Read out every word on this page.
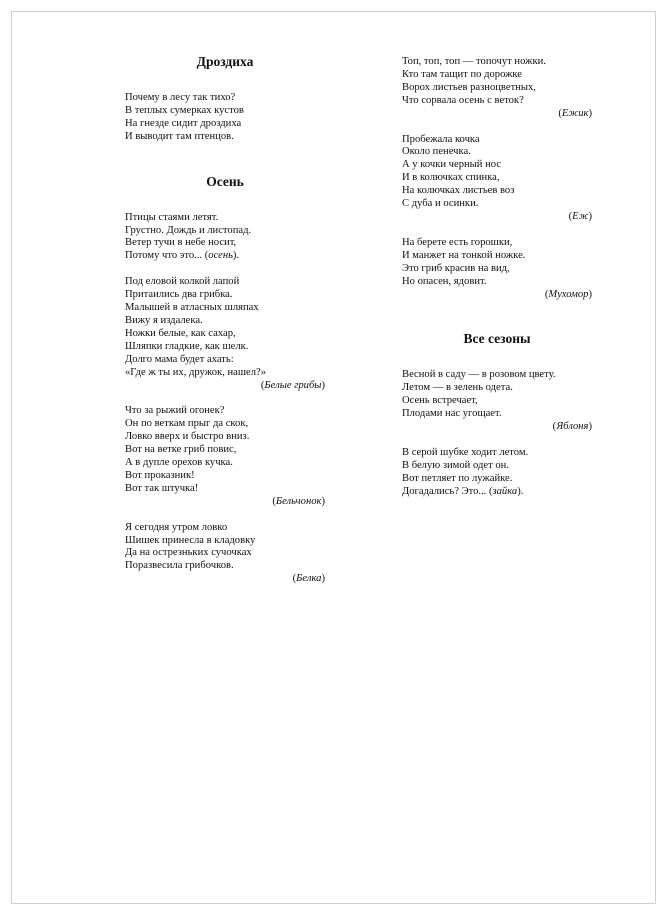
Дроздиха
Почему в лесу так тихо?
В теплых сумерках кустов
На гнезде сидит дроздиха
И выводит там птенцов.
Осень
Птицы стаями летят.
Грустно. Дождь и листопад.
Ветер тучи в небе носит,
Потому что это... (осень).
Под еловой колкой лапой
Притаились два грибка.
Малышей в атласных шляпах
Вижу я издалека.
Ножки белые, как сахар,
Шляпки гладкие, как шелк.
Долго мама будет ахать:
«Где ж ты их, дружок, нашел?»
(Белые грибы)
Что за рыжий огонек?
Он по веткам прыг да скок,
Ловко вверх и быстро вниз.
Вот на ветке гриб повис,
А в дупле орехов кучка.
Вот проказник!
Вот так штучка!
(Бельчонок)
Я сегодня утром ловко
Шишек принесла в кладовку
Да на острезньких сучочках
Поразвесила грибочков.
(Белка)
Топ, топ, топ — топочут ножки.
Кто там тащит по дорожке
Ворох листьев разноцветных,
Что сорвала осень с веток?
(Ежик)
Пробежала кочка
Около пенечка.
А у кочки черный нос
И в колючках спинка,
На колючках листьев воз
С дуба и осинки.
(Еж)
На берете есть горошки,
И манжет на тонкой ножке.
Это гриб красив на вид,
Но опасен, ядовит.
(Мухомор)
Все сезоны
Весной в саду — в розовом цвету.
Летом — в зелень одета.
Осень встречает,
Плодами нас угощает.
(Яблоня)
В серой шубке ходит летом.
В белую зимой одет он.
Вот петляет по лужайке.
Догадались? Это... (зайка).
